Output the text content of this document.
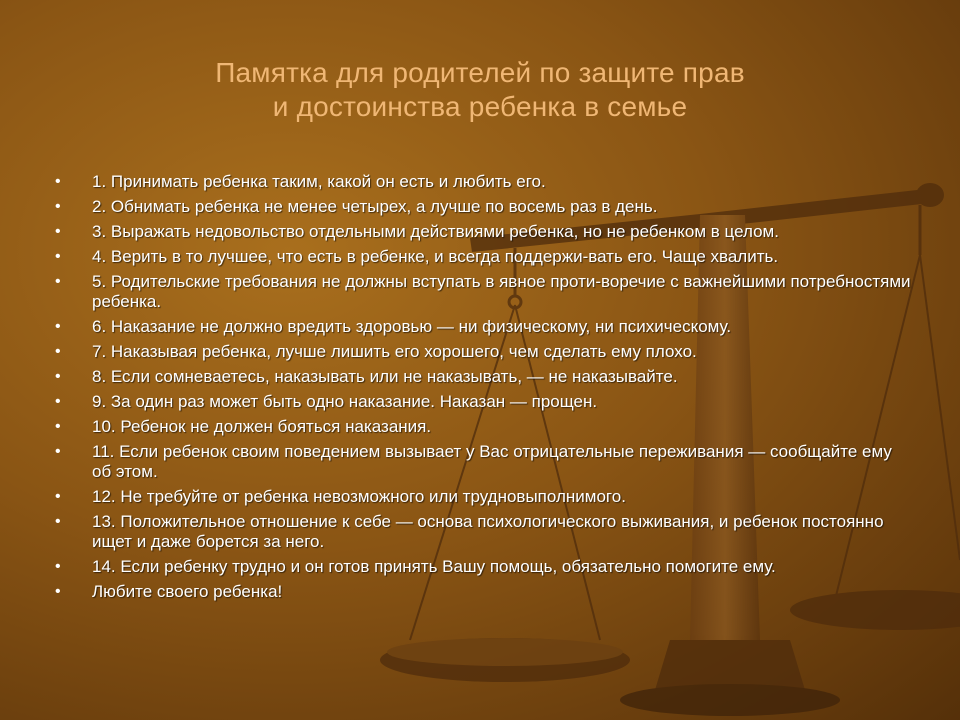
Памятка для родителей по защите прав
и достоинства ребенка в семье
• 1. Принимать ребенка таким, какой он есть и любить его.
• 2. Обнимать ребенка не менее четырех, а лучше по восемь раз в день.
• 3. Выражать недовольство отдельными действиями ребенка, но не ребенком в целом.
• 4. Верить в то лучшее, что есть в ребенке, и всегда поддержи-вать его. Чаще хвалить.
• 5. Родительские требования не должны вступать в явное проти-воречие с важнейшими потребностями ребенка.
• 6. Наказание не должно вредить здоровью — ни физическому, ни психическому.
• 7. Наказывая ребенка, лучше лишить его хорошего, чем сделать ему плохо.
• 8. Если сомневаетесь, наказывать или не наказывать, — не наказывайте.
• 9. За один раз может быть одно наказание. Наказан — прощен.
• 10. Ребенок не должен бояться наказания.
• 11. Если ребенок своим поведением вызывает у Вас отрицательные переживания — сообщайте ему об этом.
• 12. Не требуйте от ребенка невозможного или трудновыполнимого.
• 13. Положительное отношение к себе — основа психологического выживания, и ребенок постоянно ищет и даже борется за него.
• 14. Если ребенку трудно и он готов принять Вашу помощь, обязательно помогите ему.
• Любите своего ребенка!
